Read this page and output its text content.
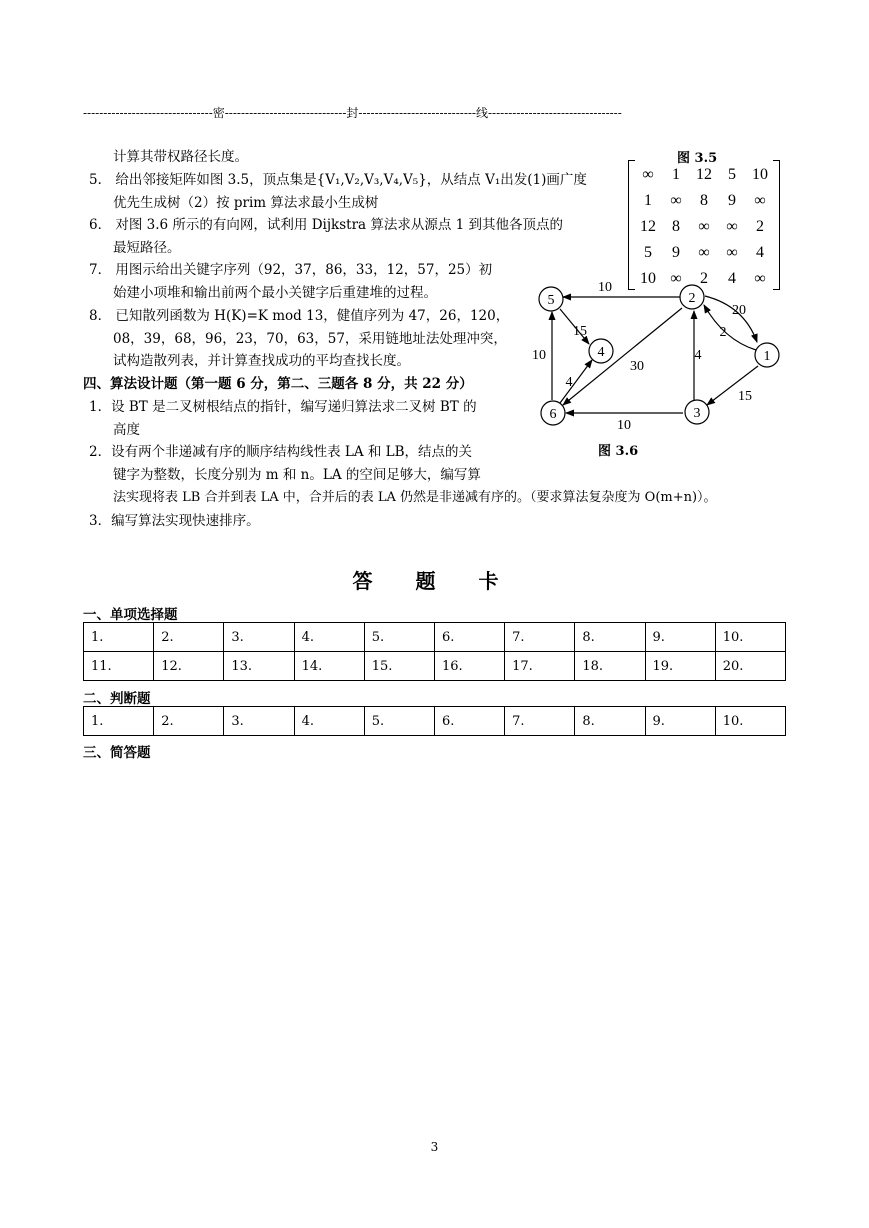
--------------------------------密------------------------------封-----------------------------线---------------------------------
计算其带权路径长度。
5． 给出邻接矩阵如图 3.5，顶点集是{V₁,V₂,V₃,V₄,V₅}，从结点 V₁出发(1)画广度
优先生成树（2）按 prim 算法求最小生成树
6． 对图 3.6 所示的有向网，试利用 Dijkstra 算法求从源点 1 到其他各顶点的
最短路径。
7． 用图示给出关键字序列（92，37，86，33，12，57，25）初
始建小项堆和输出前两个最小关键字后重建堆的过程。
8． 已知散列函数为 H(K)=K mod 13，健值序列为 47，26，120，
08，39，68，96，23，70，63，57，采用链地址法处理冲突，
试构造散列表，并计算查找成功的平均查找长度。
四、算法设计题（第一题 6 分，第二、三题各 8 分，共 22 分）
1．设 BT 是二叉树根结点的指针，编写递归算法求二叉树 BT 的
高度
2．设有两个非递减有序的顺序结构线性表 LA 和 LB，结点的关
键字为整数，长度分别为 m 和 n。LA 的空间足够大，编写算
法实现将表 LB 合并到表 LA 中，合并后的表 LA 仍然是非递减有序的。（要求算法复杂度为 O(m+n)）。
3．编写算法实现快速排序。
图 3.5
∞	1	12	5	10
1	∞	8	9	∞
12	8	∞	∞	2
5	9	∞	∞	4
10 ∞	2	4	∞
2
1
3
5
4
6
10
20
2
15
10
4
30
4
15
10
图 3.6
答 题 卡
一、单项选择题
1.	2.	3.	4.	5.	6.	7.	8.	9.	10.
11.	12.	13.	14.	15.	16.	17.	18.	19.	20.
二、判断题
1.	2.	3.	4.	5.	6.	7.	8.	9.	10.
三、简答题
3
